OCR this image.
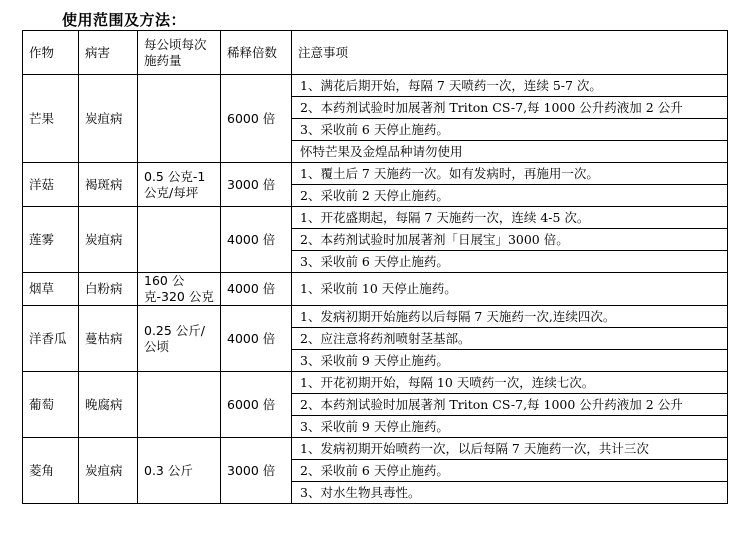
使用范围及方法：
作物	病害	每公顷每次施药量	稀释倍数	注意事项
芒果	炭疽病		6000 倍	1、满花后期开始，每隔 7 天喷药一次，连续 5-7 次。
				2、本药剂试验时加展著剂 Triton CS-7,每 1000 公升药液加 2 公升
				3、采收前 6 天停止施药。
				怀特芒果及金煌品种请勿使用
洋菇	褐斑病	0.5 公克-1 公克/每坪	3000 倍	1、覆土后 7 天施药一次。如有发病时，再施用一次。
				2、采收前 2 天停止施药。
莲雾	炭疽病		4000 倍	1、开花盛期起，每隔 7 天施药一次，连续 4-5 次。
				2、本药剂试验时加展著剂「日展宝」3000 倍。
				3、采收前 6 天停止施药。
烟草	白粉病	160 公克-320 公克	4000 倍	1、采收前 10 天停止施药。
洋香瓜	蔓枯病	0.25 公斤/公顷	4000 倍	1、发病初期开始施药以后每隔 7 天施药一次,连续四次。
				2、应注意将药剂喷射茎基部。
				3、采收前 9 天停止施药。
葡萄	晚腐病		6000 倍	1、开花初期开始，每隔 10 天喷药一次，连续七次。
				2、本药剂试验时加展著剂 Triton CS-7,每 1000 公升药液加 2 公升
				3、采收前 9 天停止施药。
菱角	炭疽病	0.3 公斤	3000 倍	1、发病初期开始喷药一次，以后每隔 7 天施药一次，共计三次
				2、采收前 6 天停止施药。
				3、对水生物具毒性。
